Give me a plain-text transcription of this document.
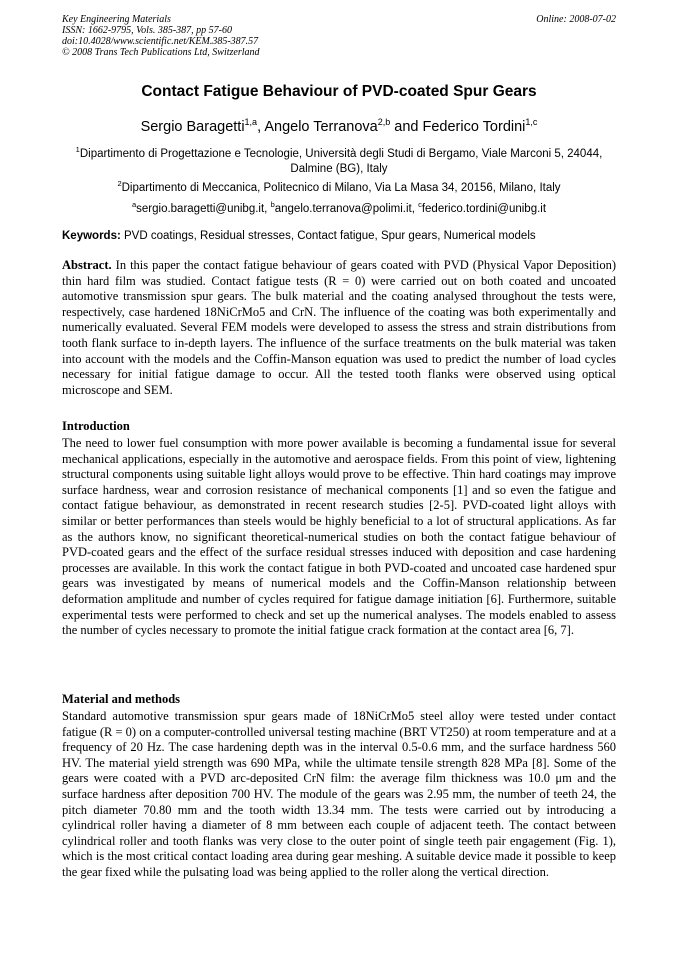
Key Engineering Materials
ISSN: 1662-9795, Vols. 385-387, pp 57-60
doi:10.4028/www.scientific.net/KEM.385-387.57
© 2008 Trans Tech Publications Ltd, Switzerland
Online: 2008-07-02
Contact Fatigue Behaviour of PVD-coated Spur Gears
Sergio Baragetti$^{1,a}$, Angelo Terranova$^{2,b}$ and Federico Tordini$^{1,c}$
$^1$Dipartimento di Progettazione e Tecnologie, Università degli Studi di Bergamo, Viale Marconi 5, 24044, Dalmine (BG), Italy
$^2$Dipartimento di Meccanica, Politecnico di Milano, Via La Masa 34, 20156, Milano, Italy
$^a$sergio.baragetti@unibg.it, $^b$angelo.terranova@polimi.it, $^c$federico.tordini@unibg.it
Keywords: PVD coatings, Residual stresses, Contact fatigue, Spur gears, Numerical models
Abstract. In this paper the contact fatigue behaviour of gears coated with PVD (Physical Vapor Deposition) thin hard film was studied. Contact fatigue tests (R = 0) were carried out on both coated and uncoated automotive transmission spur gears. The bulk material and the coating analysed throughout the tests were, respectively, case hardened 18NiCrMo5 and CrN. The influence of the coating was both experimentally and numerically evaluated. Several FEM models were developed to assess the stress and strain distributions from tooth flank surface to in-depth layers. The influence of the surface treatments on the bulk material was taken into account with the models and the Coffin-Manson equation was used to predict the number of load cycles necessary for initial fatigue damage to occur. All the tested tooth flanks were observed using optical microscope and SEM.
Introduction
The need to lower fuel consumption with more power available is becoming a fundamental issue for several mechanical applications, especially in the automotive and aerospace fields. From this point of view, lightening structural components using suitable light alloys would prove to be effective. Thin hard coatings may improve surface hardness, wear and corrosion resistance of mechanical components [1] and so even the fatigue and contact fatigue behaviour, as demonstrated in recent research studies [2-5]. PVD-coated light alloys with similar or better performances than steels would be highly beneficial to a lot of structural applications. As far as the authors know, no significant theoretical-numerical studies on both the contact fatigue behaviour of PVD-coated gears and the effect of the surface residual stresses induced with deposition and case hardening processes are available. In this work the contact fatigue in both PVD-coated and uncoated case hardened spur gears was investigated by means of numerical models and the Coffin-Manson relationship between deformation amplitude and number of cycles required for fatigue damage initiation [6]. Furthermore, suitable experimental tests were performed to check and set up the numerical analyses. The models enabled to assess the number of cycles necessary to promote the initial fatigue crack formation at the contact area [6, 7].
Material and methods
Standard automotive transmission spur gears made of 18NiCrMo5 steel alloy were tested under contact fatigue (R = 0) on a computer-controlled universal testing machine (BRT VT250) at room temperature and at a frequency of 20 Hz. The case hardening depth was in the interval 0.5-0.6 mm, and the surface hardness 560 HV. The material yield strength was 690 MPa, while the ultimate tensile strength 828 MPa [8]. Some of the gears were coated with a PVD arc-deposited CrN film: the average film thickness was 10.0 μm and the surface hardness after deposition 700 HV. The module of the gears was 2.95 mm, the number of teeth 24, the pitch diameter 70.80 mm and the tooth width 13.34 mm. The tests were carried out by introducing a cylindrical roller having a diameter of 8 mm between each couple of adjacent teeth. The contact between cylindrical roller and tooth flanks was very close to the outer point of single teeth pair engagement (Fig. 1), which is the most critical contact loading area during gear meshing. A suitable device made it possible to keep the gear fixed while the pulsating load was being applied to the roller along the vertical direction.
